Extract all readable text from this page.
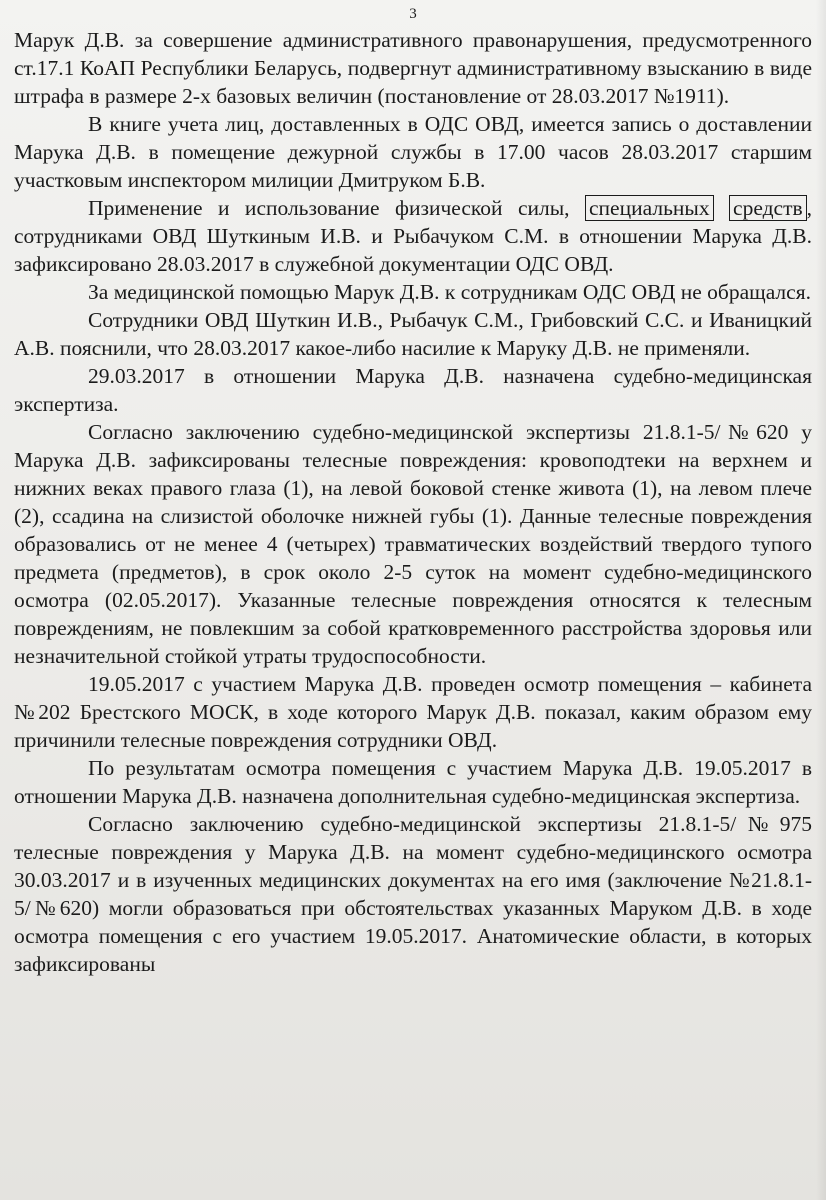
3

Марук Д.В. за совершение административного правонарушения, предусмотренного ст.17.1 КоАП Республики Беларусь, подвергнут административному взысканию в виде штрафа в размере 2-х базовых величин (постановление от 28.03.2017 №1911).

В книге учета лиц, доставленных в ОДС ОВД, имеется запись о доставлении Марука Д.В. в помещение дежурной службы в 17.00 часов 28.03.2017 старшим участковым инспектором милиции Дмитруком Б.В.

Применение и использование физической силы, специальных средств , сотрудниками ОВД Шуткиным И.В. и Рыбачуком С.М. в отношении Марука Д.В. зафиксировано 28.03.2017 в служебной документации ОДС ОВД.

За медицинской помощью Марук Д.В. к сотрудникам ОДС ОВД не обращался.

Сотрудники ОВД Шуткин И.В., Рыбачук С.М., Грибовский С.С. и Иваницкий А.В. пояснили, что 28.03.2017 какое-либо насилие к Маруку Д.В. не применяли.

29.03.2017 в отношении Марука Д.В. назначена судебно-медицинская экспертиза.

Согласно заключению судебно-медицинской экспертизы 21.8.1-5/№620 у Марука Д.В. зафиксированы телесные повреждения: кровоподтеки на верхнем и нижних веках правого глаза (1), на левой боковой стенке живота (1), на левом плече (2), ссадина на слизистой оболочке нижней губы (1). Данные телесные повреждения образовались от не менее 4 (четырех) травматических воздействий твердого тупого предмета (предметов), в срок около 2-5 суток на момент судебно-медицинского осмотра (02.05.2017). Указанные телесные повреждения относятся к телесным повреждениям, не повлекшим за собой кратковременного расстройства здоровья или незначительной стойкой утраты трудоспособности.

19.05.2017 с участием Марука Д.В. проведен осмотр помещения – кабинета №202 Брестского МОСК, в ходе которого Марук Д.В. показал, каким образом ему причинили телесные повреждения сотрудники ОВД.

По результатам осмотра помещения с участием Марука Д.В. 19.05.2017 в отношении Марука Д.В. назначена дополнительная судебно-медицинская экспертиза.

Согласно заключению судебно-медицинской экспертизы 21.8.1-5/№975 телесные повреждения у Марука Д.В. на момент судебно-медицинского осмотра 30.03.2017 и в изученных медицинских документах на его имя (заключение №21.8.1-5/№620) могли образоваться при обстоятельствах указанных Маруком Д.В. в ходе осмотра помещения с его участием 19.05.2017. Анатомические области, в которых зафиксированы
